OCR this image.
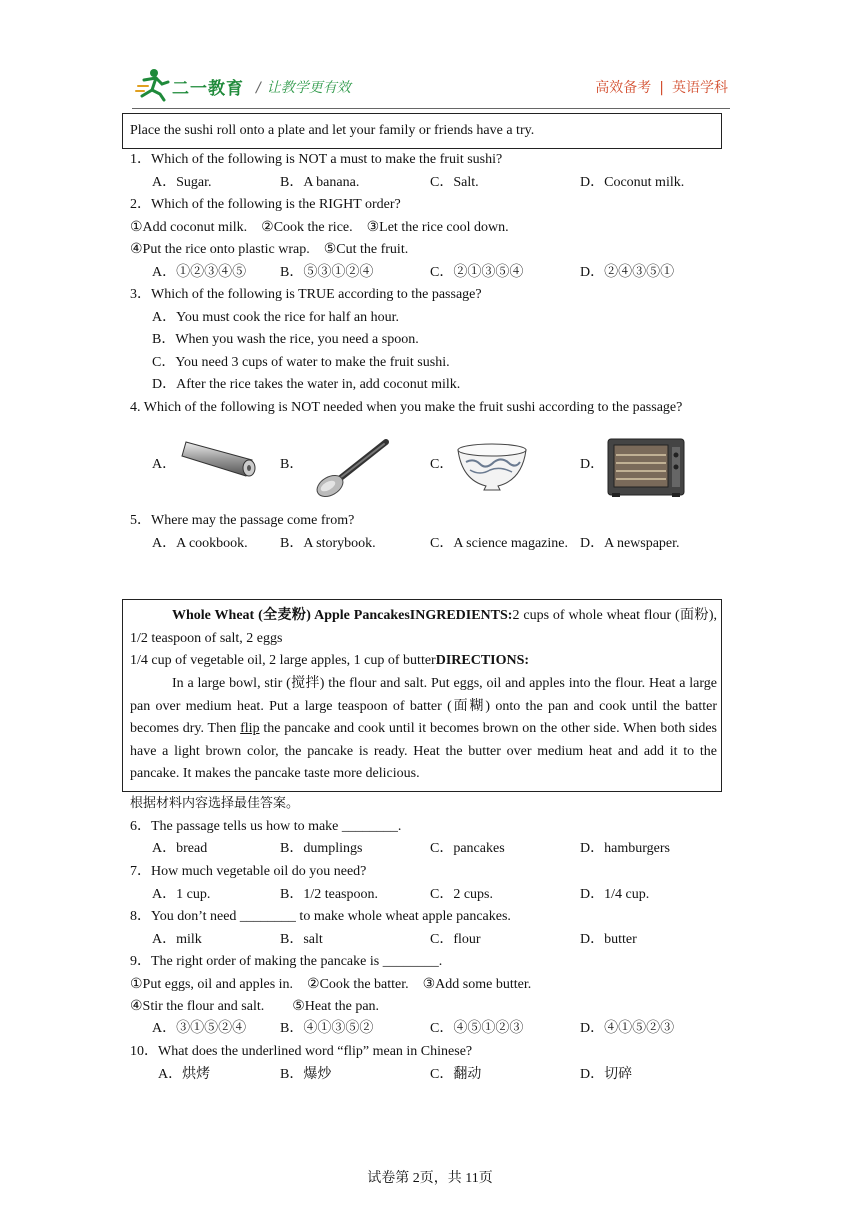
二一教育 / 让教学更有效	高效备考 | 英语学科
Place the sushi roll onto a plate and let your family or friends have a try.
1．Which of the following is NOT a must to make the fruit sushi?
A．Sugar.	B．A banana.	C．Salt.	D．Coconut milk.
2．Which of the following is the RIGHT order?
①Add coconut milk.    ②Cook the rice.    ③Let the rice cool down.
④Put the rice onto plastic wrap.    ⑤Cut the fruit.
A．①②③④⑤ B．⑤③①②④	C．②①③⑤④	D．②④③⑤①
3．Which of the following is TRUE according to the passage?
A．You must cook the rice for half an hour.
B．When you wash the rice, you need a spoon.
C．You need 3 cups of water to make the fruit sushi.
D．After the rice takes the water in, add coconut milk.
4. Which of the following is NOT needed when you make the fruit sushi according to the passage?
A．	B．	C．	D．
5．Where may the passage come from?
A．A cookbook. B．A storybook.	C．A science magazine. D．A newspaper.
Whole Wheat (全麦粉) Apple PancakesINGREDIENTS:2 cups of whole wheat flour (面粉), 1/2 teaspoon of salt, 2 eggs
1/4 cup of vegetable oil, 2 large apples, 1 cup of butterDIRECTIONS:
In a large bowl, stir (搅拌) the flour and salt. Put eggs, oil and apples into the flour. Heat a large pan over medium heat. Put a large teaspoon of batter (面糊) onto the pan and cook until the batter becomes dry. Then flip the pancake and cook until it becomes brown on the other side. When both sides have a light brown color, the pancake is ready. Heat the butter over medium heat and add it to the pancake. It makes the pancake taste more delicious.
根据材料内容选择最佳答案。
6．The passage tells us how to make ________.
A．bread	B．dumplings	C．pancakes	D．hamburgers
7．How much vegetable oil do you need?
A．1 cup.	B．1/2 teaspoon.	C．2 cups.	D．1/4 cup.
8．You don’t need ________ to make whole wheat apple pancakes.
A．milk	B．salt	C．flour	D．butter
9．The right order of making the pancake is ________.
①Put eggs, oil and apples in.    ②Cook the batter.    ③Add some butter.
④Stir the flour and salt.        ⑤Heat the pan.
A．③①⑤②④ B．④①③⑤②	C．④⑤①②③	D．④①⑤②③
10．What does the underlined word “flip” mean in Chinese?
A．烘烤	B．爆炒	C．翻动	D．切碎
试卷第 2页，共 11页
